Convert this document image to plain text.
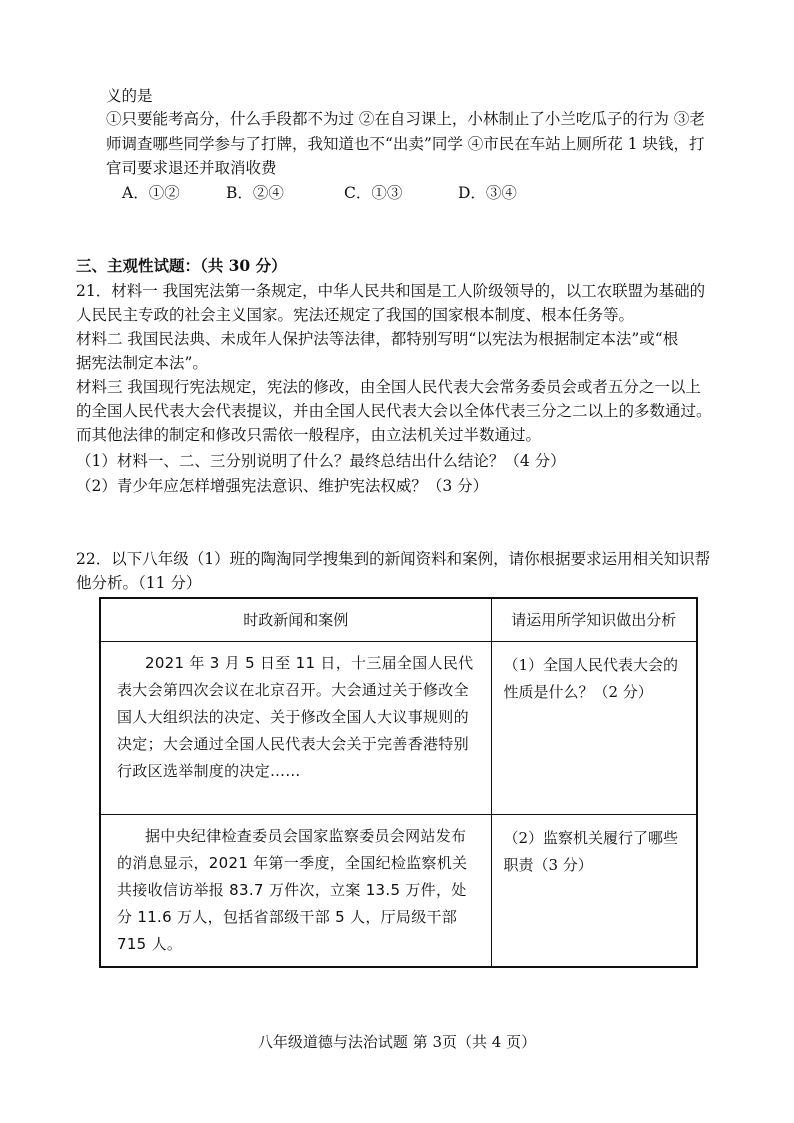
义的是
①只要能考高分，什么手段都不为过 ②在自习课上，小林制止了小兰吃瓜子的行为 ③老
师调查哪些同学参与了打牌，我知道也不“出卖”同学 ④市民在车站上厕所花 1 块钱，打
官司要求退还并取消收费
A．①②	B．②④	C．①③	D．③④
三、主观性试题：（共 30 分）
21．材料一 我国宪法第一条规定，中华人民共和国是工人阶级领导的，以工农联盟为基础的
人民民主专政的社会主义国家。宪法还规定了我国的国家根本制度、根本任务等。
材料二 我国民法典、未成年人保护法等法律，都特别写明“以宪法为根据制定本法”或“根
据宪法制定本法”。
材料三 我国现行宪法规定，宪法的修改，由全国人民代表大会常务委员会或者五分之一以上
的全国人民代表大会代表提议，并由全国人民代表大会以全体代表三分之二以上的多数通过。
而其他法律的制定和修改只需依一般程序，由立法机关过半数通过。
（1）材料一、二、三分别说明了什么？最终总结出什么结论？（4 分）
（2）青少年应怎样增强宪法意识、维护宪法权威？（3 分）
22．以下八年级（1）班的陶淘同学搜集到的新闻资料和案例，请你根据要求运用相关知识帮
他分析。（11 分）
时政新闻和案例	请运用所学知识做出分析
2021 年 3 月 5 日至 11 日，十三届全国人民代表大会第四次会议在北京召开。大会通过关于修改全国人大组织法的决定、关于修改全国人大议事规则的决定；大会通过全国人民代表大会关于完善香港特别行政区选举制度的决定……	（1）全国人民代表大会的性质是什么？（2 分）
据中央纪律检查委员会国家监察委员会网站发布的消息显示，2021 年第一季度，全国纪检监察机关共接收信访举报 83.7 万件次，立案 13.5 万件，处分 11.6 万人，包括省部级干部 5 人，厅局级干部 715 人。	（2）监察机关履行了哪些职责（3 分）
八年级道德与法治试题 第 3页（共 4 页）
